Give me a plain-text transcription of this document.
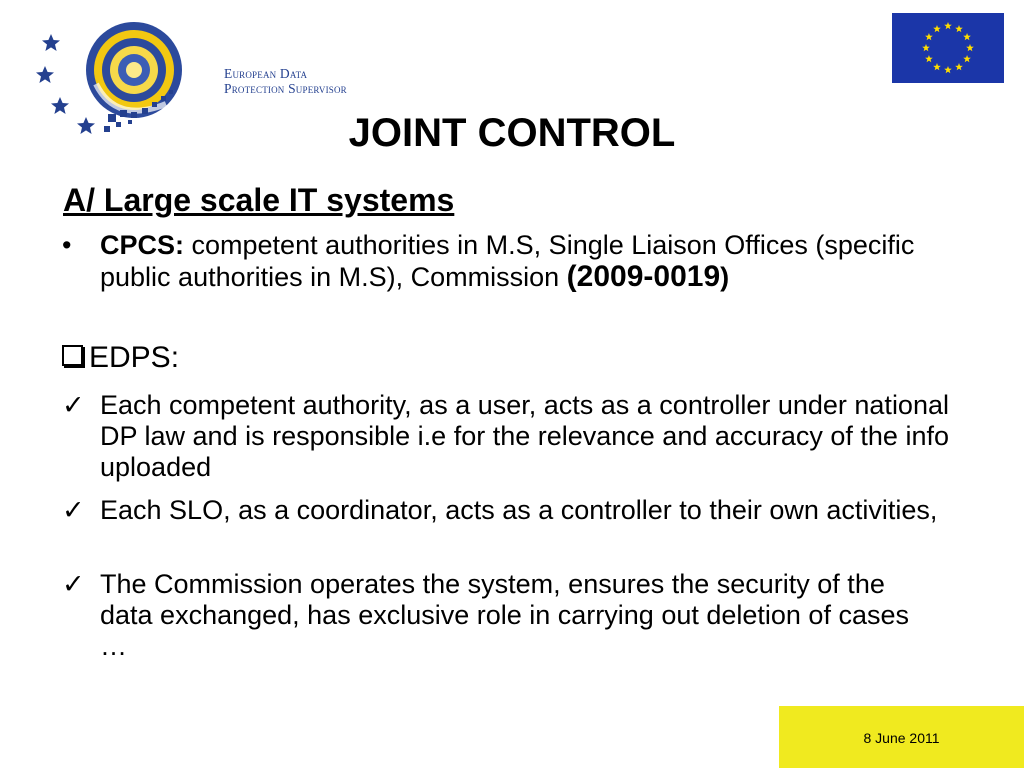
European Data
Protection Supervisor
JOINT CONTROL
A/ Large scale IT systems
• CPCS: competent authorities in M.S, Single Liaison Offices (specific public authorities in M.S), Commission (2009-0019)
EDPS:
✓ Each competent authority, as a user, acts as a controller under national DP law and is responsible i.e for the relevance and accuracy of the info uploaded
✓ Each SLO, as a coordinator, acts as a controller to their own activities,
✓ The Commission operates the system, ensures the security of the data exchanged, has exclusive role in carrying out deletion of cases …
8 June 2011
